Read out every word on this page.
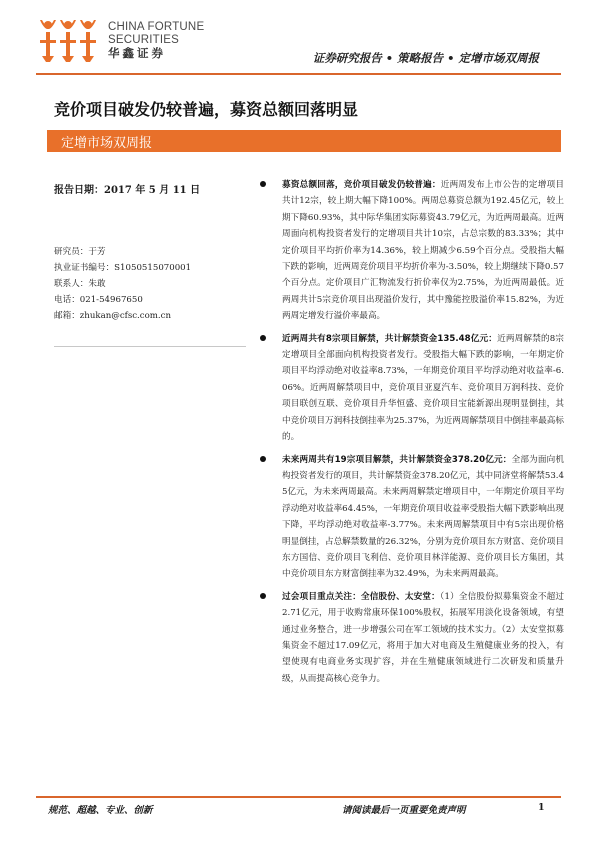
CHINA FORTUNE
SECURITIES
华鑫证券	证券研究报告 • 策略报告 • 定增市场双周报
竞价项目破发仍较普遍，募资总额回落明显
定增市场双周报
报告日期：2017 年 5 月 11 日
研究员：于芳
执业证书编号：S1050515070001
联系人：朱敢
电话：021-54967650
邮箱：zhukan@cfsc.com.cn

募资总额回落，竞价项目破发仍较普遍：近两周发布上市公告的定增项目共计12宗，较上期大幅下降100%。两周总募资总额为192.45亿元，较上期下降60.93%，其中际华集团实际募资43.79亿元，为近两周最高。近两周面向机构投资者发行的定增项目共计10宗，占总宗数的83.33%；其中定价项目平均折价率为14.36%，较上期减少6.59个百分点。受股指大幅下跌的影响，近两周竞价项目平均折价率为-3.50%，较上期继续下降0.57个百分点。定价项目广汇物流发行折价率仅为2.75%，为近两周最低。近两周共计5宗竞价项目出现溢价发行，其中豫能控股溢价率15.82%，为近两周定增发行溢价率最高。

近两周共有8宗项目解禁，共计解禁资金135.48亿元：近两周解禁的8宗定增项目全部面向机构投资者发行。受股指大幅下跌的影响，一年期定价项目平均浮动绝对收益率8.73%，一年期竞价项目平均浮动绝对收益率-6.06%。近两周解禁项目中，竞价项目亚夏汽车、竞价项目万润科技、竞价项目联创互联、竞价项目升华恒盛、竞价项目宝能新源出现明显倒挂，其中竞价项目万润科技倒挂率为25.37%，为近两周解禁项目中倒挂率最高标的。

未来两周共有19宗项目解禁，共计解禁资金378.20亿元：全部为面向机构投资者发行的项目，共计解禁资金378.20亿元，其中同济堂将解禁53.45亿元，为未来两周最高。未来两周解禁定增项目中，一年期定价项目平均浮动绝对收益率64.45%，一年期竞价项目收益率受股指大幅下跌影响出现下降，平均浮动绝对收益率-3.77%。未来两周解禁项目中有5宗出现价格明显倒挂，占总解禁数量的26.32%，分别为竞价项目东方财富、竞价项目东方国信、竞价项目飞利信、竞价项目林洋能源、竞价项目长方集团，其中竞价项目东方财富倒挂率为32.49%，为未来两周最高。

过会项目重点关注：全信股份、太安堂：（1）全信股份拟募集资金不超过2.71亿元，用于收购常康环保100%股权，拓展军用淡化设备领域，有望通过业务整合，进一步增强公司在军工领域的技术实力。（2）太安堂拟募集资金不超过17.09亿元，将用于加大对电商及生殖健康业务的投入，有望使现有电商业务实现扩容，并在生殖健康领域进行二次研发和质量升级，从而提高核心竞争力。

规范、超越、专业、创新	请阅读最后一页重要免责声明	1
